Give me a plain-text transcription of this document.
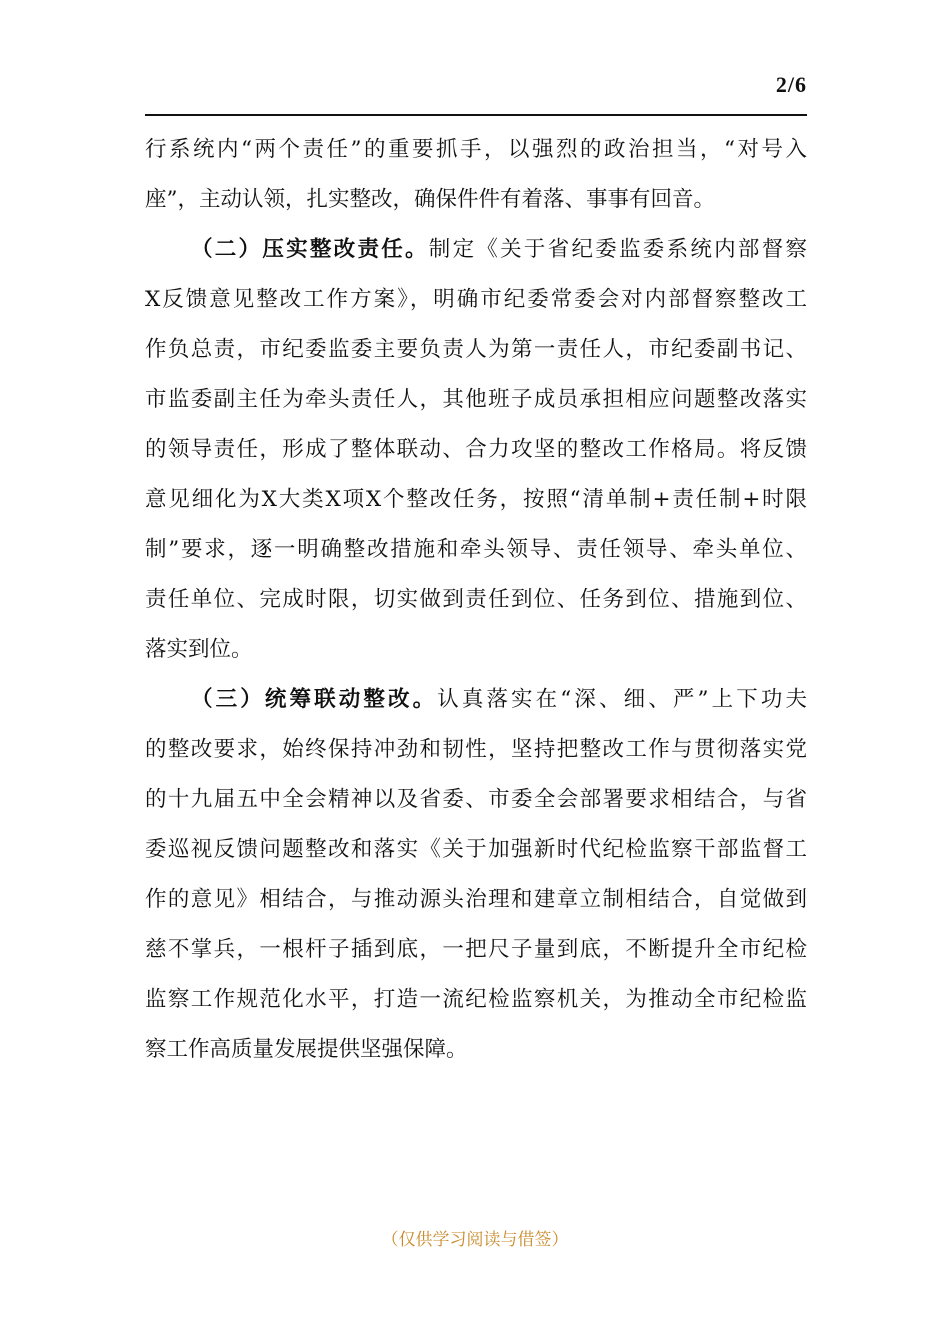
2/6
行系统内“两个责任”的重要抓手，以强烈的政治担当，“对号入
座”，主动认领，扎实整改，确保件件有着落、事事有回音。
（二）压实整改责任。制定《关于省纪委监委系统内部督察
X反馈意见整改工作方案》，明确市纪委常委会对内部督察整改工
作负总责，市纪委监委主要负责人为第一责任人，市纪委副书记、
市监委副主任为牵头责任人，其他班子成员承担相应问题整改落实
的领导责任，形成了整体联动、合力攻坚的整改工作格局。将反馈
意见细化为X大类X项X个整改任务，按照“清单制+责任制+时限
制”要求，逐一明确整改措施和牵头领导、责任领导、牵头单位、
责任单位、完成时限，切实做到责任到位、任务到位、措施到位、
落实到位。
（三）统筹联动整改。认真落实在“深、细、严”上下功夫
的整改要求，始终保持冲劲和韧性，坚持把整改工作与贯彻落实党
的十九届五中全会精神以及省委、市委全会部署要求相结合，与省
委巡视反馈问题整改和落实《关于加强新时代纪检监察干部监督工
作的意见》相结合，与推动源头治理和建章立制相结合，自觉做到
慈不掌兵，一根杆子插到底，一把尺子量到底，不断提升全市纪检
监察工作规范化水平，打造一流纪检监察机关，为推动全市纪检监
察工作高质量发展提供坚强保障。
（仅供学习阅读与借签）
